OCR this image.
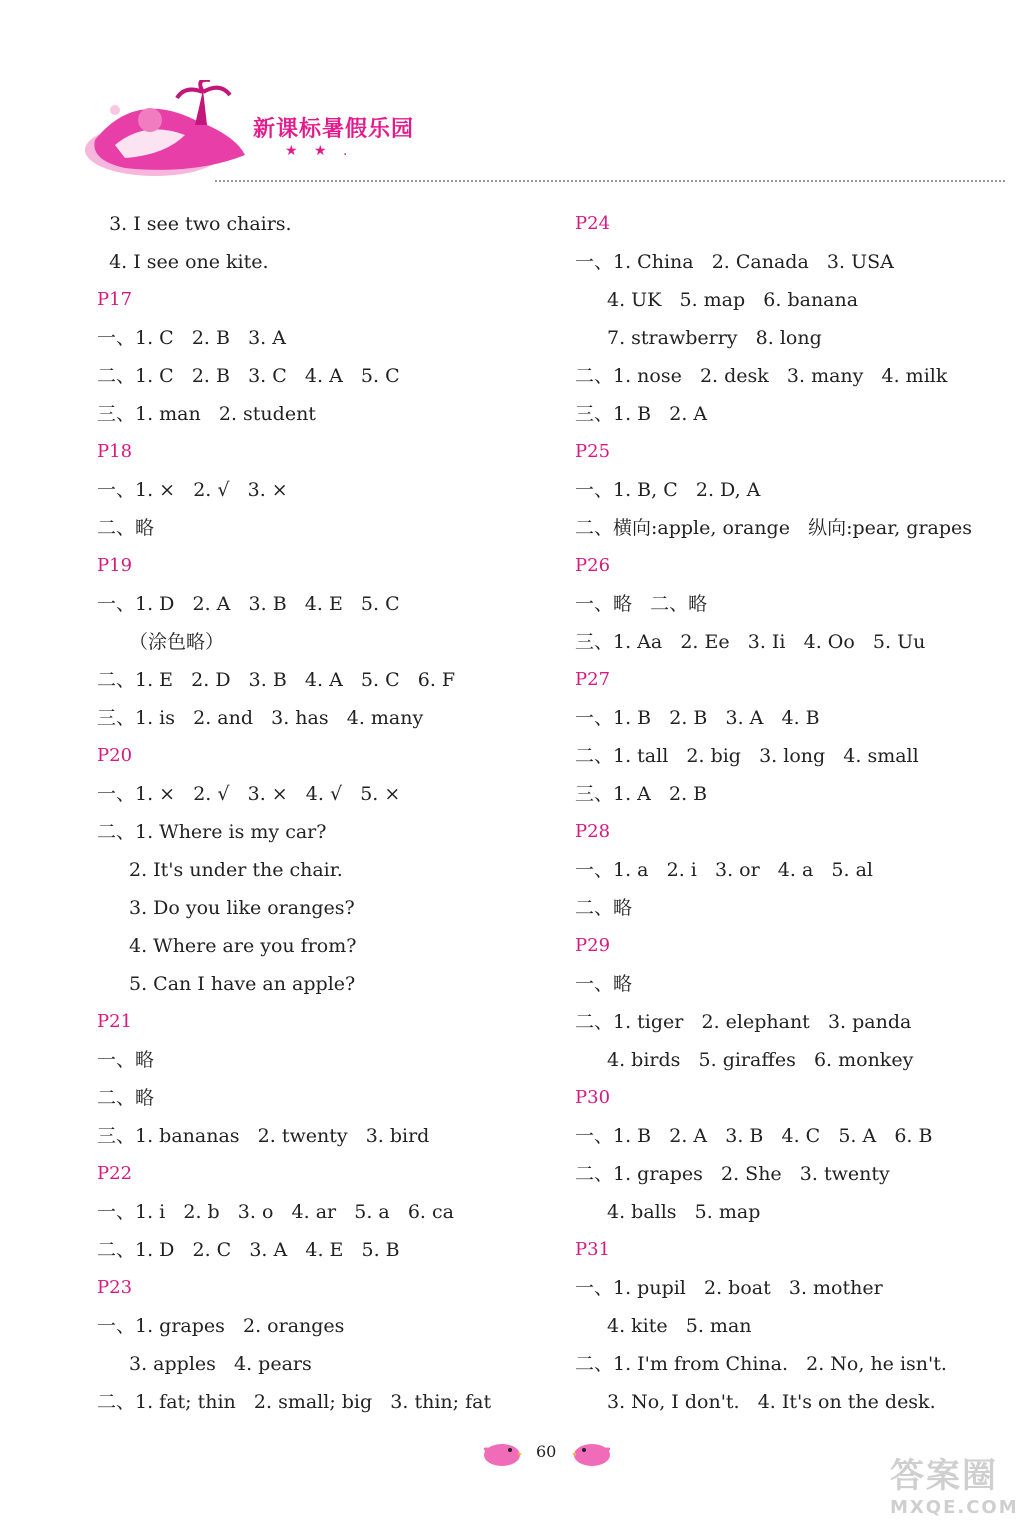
新课标暑假乐园
★ ★ .
3. I see two chairs.
4. I see one kite.
P17
一、1. C   2. B   3. A
二、1. C   2. B   3. C   4. A   5. C
三、1. man   2. student
P18
一、1. ×   2. √   3. ×
二、略
P19
一、1. D   2. A   3. B   4. E   5. C
（涂色略）
二、1. E   2. D   3. B   4. A   5. C   6. F
三、1. is   2. and   3. has   4. many
P20
一、1. ×   2. √   3. ×   4. √   5. ×
二、1. Where is my car?
2. It's under the chair.
3. Do you like oranges?
4. Where are you from?
5. Can I have an apple?
P21
一、略
二、略
三、1. bananas   2. twenty   3. bird
P22
一、1. i   2. b   3. o   4. ar   5. a   6. ca
二、1. D   2. C   3. A   4. E   5. B
P23
一、1. grapes   2. oranges
3. apples   4. pears
二、1. fat; thin   2. small; big   3. thin; fat
P24
一、1. China   2. Canada   3. USA
4. UK   5. map   6. banana
7. strawberry   8. long
二、1. nose   2. desk   3. many   4. milk
三、1. B   2. A
P25
一、1. B, C   2. D, A
二、横向:apple, orange   纵向:pear, grapes
P26
一、略   二、略
三、1. Aa   2. Ee   3. Ii   4. Oo   5. Uu
P27
一、1. B   2. B   3. A   4. B
二、1. tall   2. big   3. long   4. small
三、1. A   2. B
P28
一、1. a   2. i   3. or   4. a   5. al
二、略
P29
一、略
二、1. tiger   2. elephant   3. panda
4. birds   5. giraffes   6. monkey
P30
一、1. B   2. A   3. B   4. C   5. A   6. B
二、1. grapes   2. She   3. twenty
4. balls   5. map
P31
一、1. pupil   2. boat   3. mother
4. kite   5. man
二、1. I'm from China.   2. No, he isn't.
3. No, I don't.   4. It's on the desk.
60
答案圈
MXQE.COM
